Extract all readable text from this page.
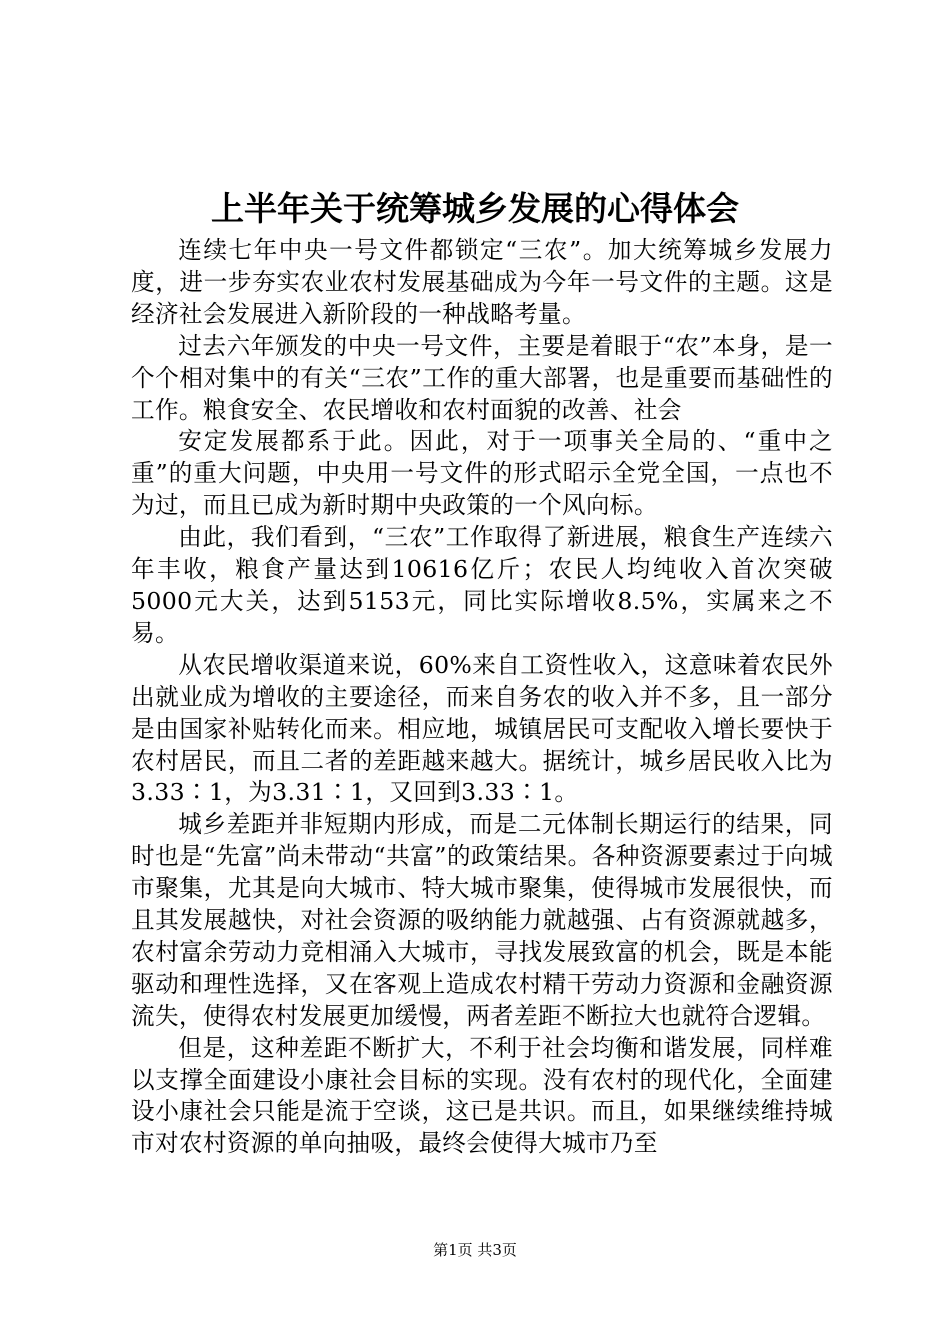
上半年关于统筹城乡发展的心得体会

连续七年中央一号文件都锁定“三农”。加大统筹城乡发展力度，进一步夯实农业农村发展基础成为今年一号文件的主题。这是经济社会发展进入新阶段的一种战略考量。

过去六年颁发的中央一号文件，主要是着眼于“农”本身，是一个个相对集中的有关“三农”工作的重大部署，也是重要而基础性的工作。粮食安全、农民增收和农村面貌的改善、社会

安定发展都系于此。因此，对于一项事关全局的、“重中之重”的重大问题，中央用一号文件的形式昭示全党全国，一点也不为过，而且已成为新时期中央政策的一个风向标。

由此，我们看到，“三农”工作取得了新进展，粮食生产连续六年丰收，粮食产量达到10616亿斤；农民人均纯收入首次突破5000元大关，达到5153元，同比实际增收8.5%，实属来之不易。

从农民增收渠道来说，60%来自工资性收入，这意味着农民外出就业成为增收的主要途径，而来自务农的收入并不多，且一部分是由国家补贴转化而来。相应地，城镇居民可支配收入增长要快于农村居民，而且二者的差距越来越大。据统计，城乡居民收入比为3.33∶1，为3.31∶1，又回到3.33∶1。

城乡差距并非短期内形成，而是二元体制长期运行的结果，同时也是“先富”尚未带动“共富”的政策结果。各种资源要素过于向城市聚集，尤其是向大城市、特大城市聚集，使得城市发展很快，而且其发展越快，对社会资源的吸纳能力就越强、占有资源就越多，农村富余劳动力竞相涌入大城市，寻找发展致富的机会，既是本能驱动和理性选择，又在客观上造成农村精干劳动力资源和金融资源流失，使得农村发展更加缓慢，两者差距不断拉大也就符合逻辑。

但是，这种差距不断扩大，不利于社会均衡和谐发展，同样难以支撑全面建设小康社会目标的实现。没有农村的现代化，全面建设小康社会只能是流于空谈，这已是共识。而且，如果继续维持城市对农村资源的单向抽吸，最终会使得大城市乃至

第1页 共3页
